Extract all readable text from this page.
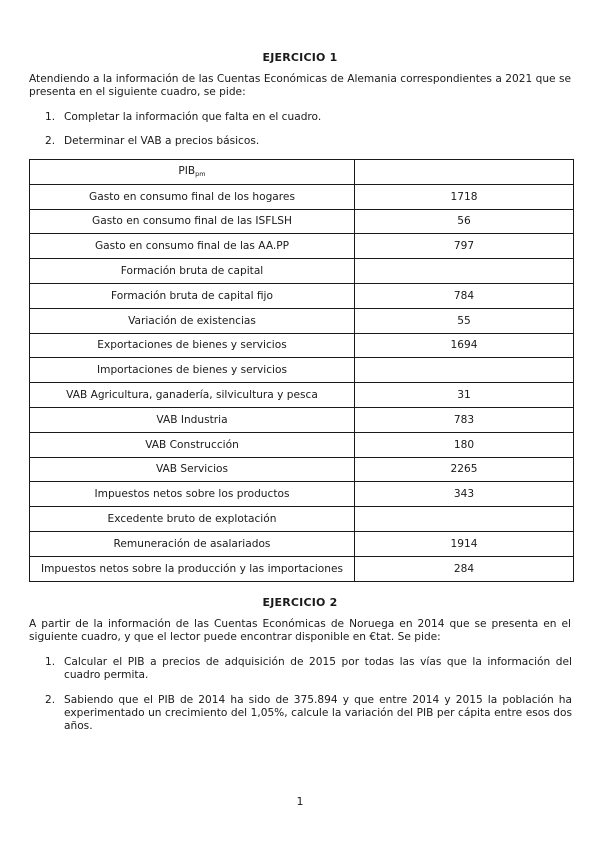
EJERCICIO 1
Atendiendo a la información de las Cuentas Económicas de Alemania correspondientes a 2021 que se presenta en el siguiente cuadro, se pide:
1. Completar la información que falta en el cuadro.
2. Determinar el VAB a precios básicos.
$PIB_{pm}$	
Gasto en consumo final de los hogares	1718
Gasto en consumo final de las ISFLSH	56
Gasto en consumo final de las AA.PP	797
Formación bruta de capital	
Formación bruta de capital fijo	784
Variación de existencias	55
Exportaciones de bienes y servicios	1694
Importaciones de bienes y servicios	
VAB Agricultura, ganadería, silvicultura y pesca	31
VAB Industria	783
VAB Construcción	180
VAB Servicios	2265
Impuestos netos sobre los productos	343
Excedente bruto de explotación	
Remuneración de asalariados	1914
Impuestos netos sobre la producción y las importaciones	284
EJERCICIO 2
A partir de la información de las Cuentas Económicas de Noruega en 2014 que se presenta en el siguiente cuadro, y que el lector puede encontrar disponible en €tat. Se pide:
1. Calcular el PIB a precios de adquisición de 2015 por todas las vías que la información del cuadro permita.
2. Sabiendo que el PIB de 2014 ha sido de 375.894 y que entre 2014 y 2015 la población ha experimentado un crecimiento del 1,05%, calcule la variación del PIB per cápita entre esos dos años.
1
